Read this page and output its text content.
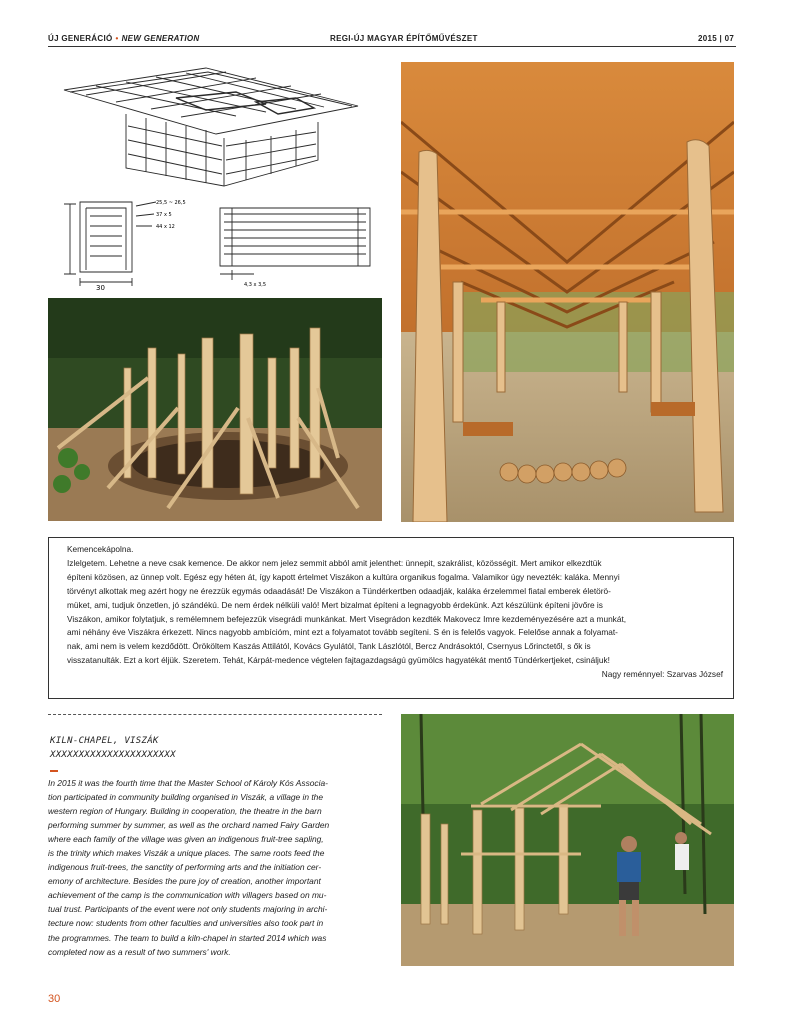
ÚJ GENERÁCIÓ • NEW GENERATION	REGI-ÚJ MAGYAR ÉPÍTŐMŰVÉSZET	2015 | 07
30
25,5 ~ 26,5
37 x 5
44 x 12
4,3 x 3,5

Kemencekápolna.

Izlelgetem. Lehetne a neve csak kemence. De akkor nem jelez semmit abból amit jelenthet: ünnepit, szakrálist, közösségit. Mert amikor elkezdtük

építeni közösen, az ünnep volt. Egész egy héten át, így kapott értelmet Viszákon a kultúra organikus fogalma. Valamikor úgy nevezték: kaláka. Mennyi

törvényt alkottak meg azért hogy ne érezzük egymás odaadását! De Viszákon a Tündérkertben odaadják, kaláka érzelemmel fiatal emberek életörö-

müket, ami, tudjuk önzetlen, jó szándékú. De nem érdek nélküli való! Mert bizalmat építeni a legnagyobb érdekünk. Azt készülünk építeni jövőre is

Viszákon, amikor folytatjuk, s remélemnem befejezzük visegrádi munkánkat. Mert Visegrádon kezdték Makovecz Imre kezdeményezésére azt a munkát,

ami néhány éve Viszákra érkezett. Nincs nagyobb ambícióm, mint ezt a folyamatot tovább segíteni. S én is felelős vagyok. Felelőse annak a folyamat-

nak, ami nem is velem kezdődött. Örököltem Kaszás Attilától, Kovács Gyulától, Tank Lászlótól, Bercz Andrásoktól, Csernyus Lőrinctetől, s ők is

visszatanulták. Ezt a kort éljük. Szeretem. Tehát, Kárpát-medence végtelen fajtagazdagságú gyümölcs hagyatékát mentő Tündérkertjeket, csináljuk!

Nagy reménnyel: Szarvas József

KILN-CHAPEL, VISZÁK
XXXXXXXXXXXXXXXXXXXXXX

In 2015 it was the fourth time that the Master School of Károly Kós Associa-

tion participated in community building organised in Viszák, a village in the

western region of Hungary. Building in cooperation, the theatre in the barn

performing summer by summer, as well as the orchard named Fairy Garden

where each family of the village was given an indigenous fruit-tree sapling,

is the trinity which makes Viszák a unique places. The same roots feed the

indigenous fruit-trees, the sanctity of performing arts and the initiation cer-

emony of architecture. Besides the pure joy of creation, another important

achievement of the camp is the communication with villagers based on mu-

tual trust. Participants of the event were not only students majoring in archi-

tecture now: students from other faculties and universities also took part in

the programmes. The team to build a kiln-chapel in started 2014 which was

completed now as a result of two summers' work.

30
